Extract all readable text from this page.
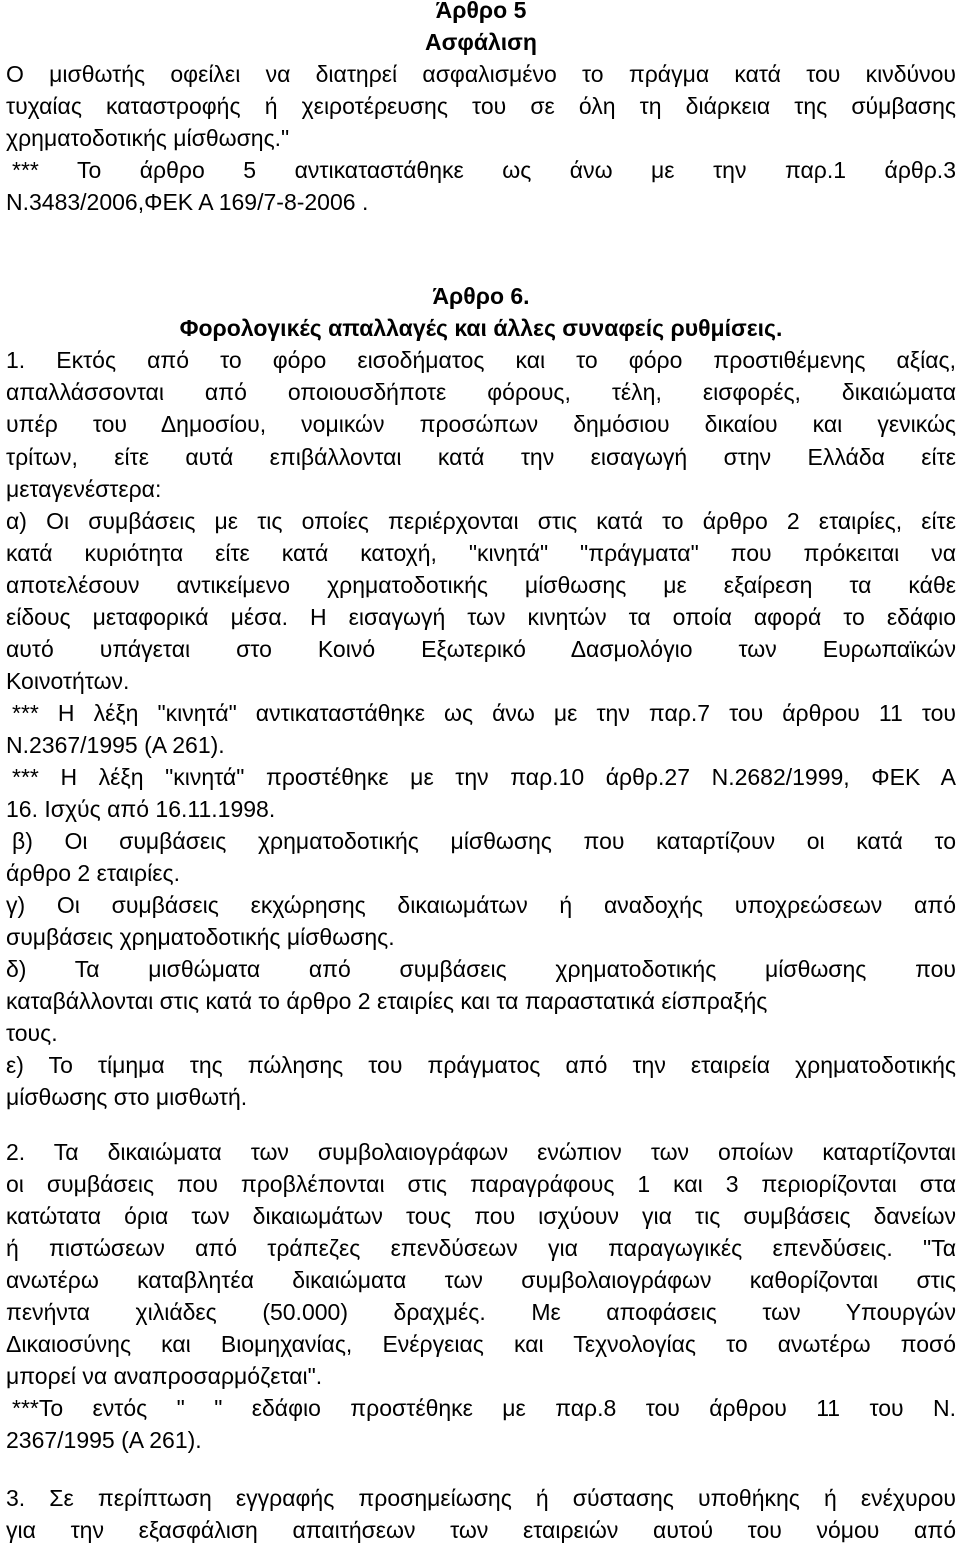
Άρθρο 5
Ασφάλιση
Ο μισθωτής οφείλει να διατηρεί ασφαλισμένο το πράγμα κατά του κινδύνου
τυχαίας καταστροφής ή χειροτέρευσης του σε όλη τη διάρκεια της σύμβασης
χρηματοδοτικής μίσθωσης."
*** Το άρθρο 5 αντικαταστάθηκε ως άνω με την παρ.1 άρθρ.3
Ν.3483/2006,ΦΕΚ Α 169/7-8-2006 .
Άρθρο 6.
Φορολογικές απαλλαγές και άλλες συναφείς ρυθμίσεις.
1. Εκτός από το φόρο εισοδήματος και το φόρο προστιθέμενης αξίας,
απαλλάσσονται από οποιουσδήποτε φόρους, τέλη, εισφορές, δικαιώματα
υπέρ του Δημοσίου, νομικών προσώπων δημόσιου δικαίου και γενικώς
τρίτων, είτε αυτά επιβάλλονται κατά την εισαγωγή στην Ελλάδα είτε
μεταγενέστερα:
α) Οι συμβάσεις με τις οποίες περιέρχονται στις κατά το άρθρο 2 εταιρίες, είτε
κατά κυριότητα είτε κατά κατοχή, "κινητά" "πράγματα" που πρόκειται να
αποτελέσουν αντικείμενο χρηματοδοτικής μίσθωσης με εξαίρεση τα κάθε
είδους μεταφορικά μέσα. Η εισαγωγή των κινητών τα οποία αφορά το εδάφιο
αυτό υπάγεται στο Κοινό Εξωτερικό Δασμολόγιο των Ευρωπαϊκών
Κοινοτήτων.
*** Η λέξη "κινητά" αντικαταστάθηκε ως άνω με την παρ.7 του άρθρου 11 του
Ν.2367/1995 (Α 261).
*** Η λέξη "κινητά" προστέθηκε με την παρ.10 άρθρ.27 Ν.2682/1999, ΦΕΚ Α
16. Ισχύς από 16.11.1998.
β) Οι συμβάσεις χρηματοδοτικής μίσθωσης που καταρτίζουν οι κατά το
άρθρο 2 εταιρίες.
γ) Οι συμβάσεις εκχώρησης δικαιωμάτων ή αναδοχής υποχρεώσεων από
συμβάσεις χρηματοδοτικής μίσθωσης.
δ) Τα μισθώματα από συμβάσεις χρηματοδοτικής μίσθωσης που
καταβάλλονται στις κατά το άρθρο 2 εταιρίες και τα παραστατικά είσπραξής
τους.
ε) Το τίμημα της πώλησης του πράγματος από την εταιρεία χρηματοδοτικής
μίσθωσης στο μισθωτή.
2. Τα δικαιώματα των συμβολαιογράφων ενώπιον των οποίων καταρτίζονται
οι συμβάσεις που προβλέπονται στις παραγράφους 1 και 3 περιορίζονται στα
κατώτατα όρια των δικαιωμάτων τους που ισχύουν για τις συμβάσεις δανείων
ή πιστώσεων από τράπεζες επενδύσεων για παραγωγικές επενδύσεις. "Τα
ανωτέρω καταβλητέα δικαιώματα των συμβολαιογράφων καθορίζονται στις
πενήντα χιλιάδες (50.000) δραχμές. Με αποφάσεις των Υπουργών
Δικαιοσύνης και Βιομηχανίας, Ενέργειας και Τεχνολογίας το ανωτέρω ποσό
μπορεί να αναπροσαρμόζεται".
***Το εντός " " εδάφιο προστέθηκε με παρ.8 του άρθρου 11 του Ν.
2367/1995 (Α 261).
3. Σε περίπτωση εγγραφής προσημείωσης ή σύστασης υποθήκης ή ενέχυρου
για την εξασφάλιση απαιτήσεων των εταιρειών αυτού του νόμου από
